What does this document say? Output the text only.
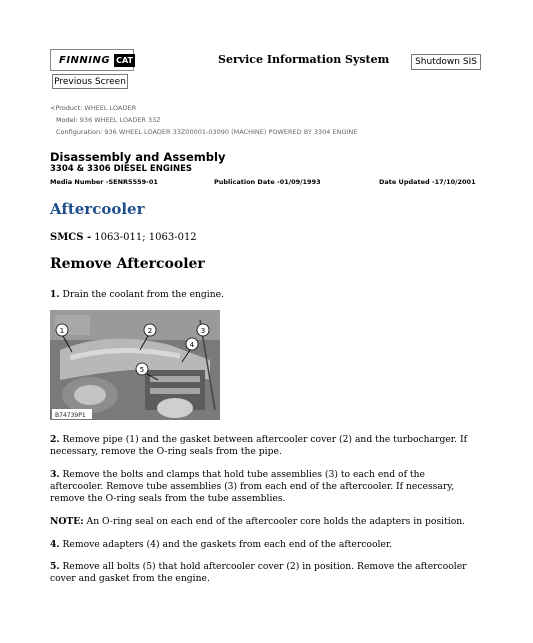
FINNING CAT
Previous Screen
Service Information System	Shutdown SIS
<Product: WHEEL LOADER
Model: 936 WHEEL LOADER 33Z
Configuration: 936 WHEEL LOADER 33Z00001-03090 (MACHINE) POWERED BY 3304 ENGINE
Disassembly and Assembly
3304 & 3306 DIESEL ENGINES
Media Number -SENR5559-01	Publication Date -01/09/1993	Date Updated -17/10/2001
Aftercooler
SMCS - 1063-011; 1063-012
Remove Aftercooler
1. Drain the coolant from the engine.
1	2	3
4
5
B74739P1
2. Remove pipe (1) and the gasket between aftercooler cover (2) and the turbocharger. If necessary, remove the O-ring seals from the pipe.
3. Remove the bolts and clamps that hold tube assemblies (3) to each end of the aftercooler. Remove tube assemblies (3) from each end of the aftercooler. If necessary, remove the O-ring seals from the tube assemblies.
NOTE: An O-ring seal on each end of the aftercooler core holds the adapters in position.
4. Remove adapters (4) and the gaskets from each end of the aftercooler.
5. Remove all bolts (5) that hold aftercooler cover (2) in position. Remove the aftercooler cover and gasket from the engine.
